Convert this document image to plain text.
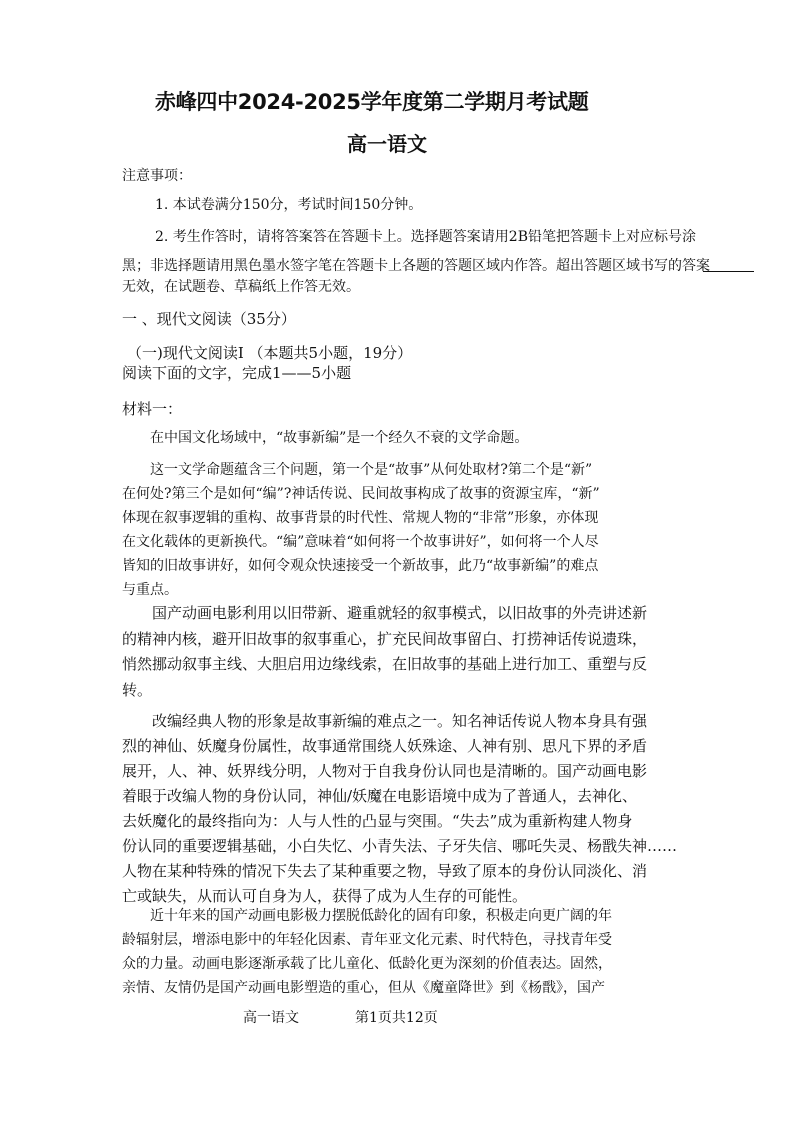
赤峰四中2024-2025学年度第二学期月考试题
高一语文
注意事项：
1. 本试卷满分150分，考试时间150分钟。
2. 考生作答时，请将答案答在答题卡上。选择题答案请用2B铅笔把答题卡上对应标号涂
黑；非选择题请用黑色墨水签字笔在答题卡上各题的答题区域内作答。超出答题区域书写的答案
无效，在试题卷、草稿纸上作答无效。
一 、现代文阅读（35分）
（一)现代文阅读Ⅰ （本题共5小题，19分）
阅读下面的文字，完成1——5小题
材料一：
在中国文化场域中，“故事新编”是一个经久不衰的文学命题。
这一文学命题蕴含三个问题，第一个是“故事”从何处取材?第二个是“新”
在何处?第三个是如何“编”?神话传说、民间故事构成了故事的资源宝库，“新”
体现在叙事逻辑的重构、故事背景的时代性、常规人物的“非常”形象，亦体现
在文化载体的更新换代。“编”意味着“如何将一个故事讲好”，如何将一个人尽
皆知的旧故事讲好，如何令观众快速接受一个新故事，此乃“故事新编”的难点
与重点。
国产动画电影利用以旧带新、避重就轻的叙事模式，以旧故事的外壳讲述新
的精神内核，避开旧故事的叙事重心，扩充民间故事留白、打捞神话传说遗珠，
悄然挪动叙事主线、大胆启用边缘线索，在旧故事的基础上进行加工、重塑与反
转。
改编经典人物的形象是故事新编的难点之一。知名神话传说人物本身具有强
烈的神仙、妖魔身份属性，故事通常围绕人妖殊途、人神有别、思凡下界的矛盾
展开，人、神、妖界线分明，人物对于自我身份认同也是清晰的。国产动画电影
着眼于改编人物的身份认同，神仙/妖魔在电影语境中成为了普通人，去神化、
去妖魔化的最终指向为：人与人性的凸显与突围。“失去”成为重新构建人物身
份认同的重要逻辑基础，小白失忆、小青失法、子牙失信、哪吒失灵、杨戬失神……
人物在某种特殊的情况下失去了某种重要之物，导致了原本的身份认同淡化、消
亡或缺失，从而认可自身为人，获得了成为人生存的可能性。
近十年来的国产动画电影极力摆脱低龄化的固有印象，积极走向更广阔的年
龄辐射层，增添电影中的年轻化因素、青年亚文化元素、时代特色，寻找青年受
众的力量。动画电影逐渐承载了比儿童化、低龄化更为深刻的价值表达。固然，
亲情、友情仍是国产动画电影塑造的重心，但从《魔童降世》到《杨戬》，国产
高一语文	第1页共12页
